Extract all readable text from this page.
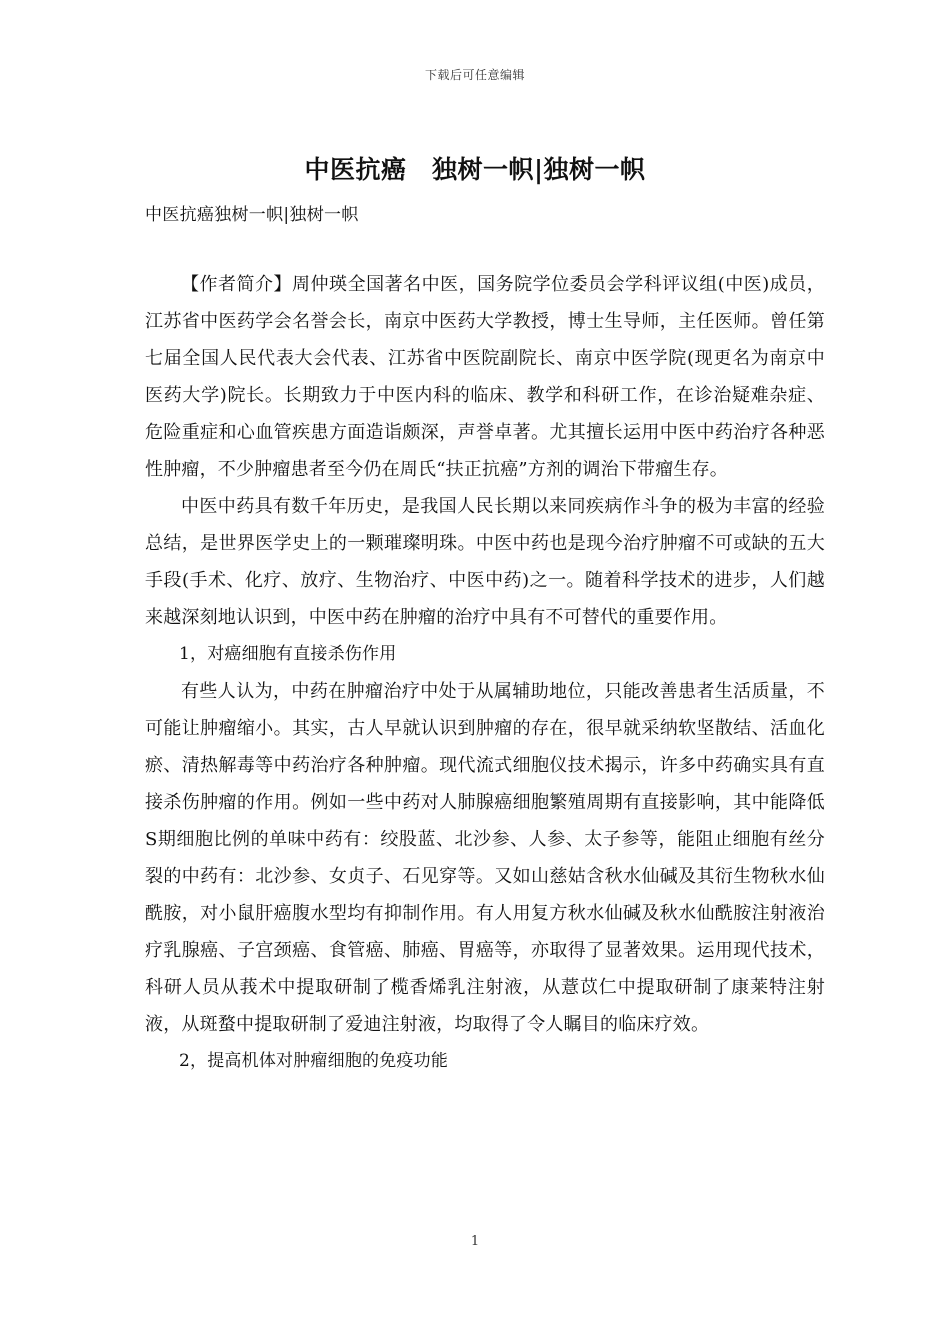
下载后可任意编辑
中医抗癌　独树一帜|独树一帜
中医抗癌独树一帜|独树一帜

【作者简介】周仲瑛全国著名中医，国务院学位委员会学科评议组(中医)成员，江苏省中医药学会名誉会长，南京中医药大学教授，博士生导师，主任医师。曾任第七届全国人民代表大会代表、江苏省中医院副院长、南京中医学院(现更名为南京中医药大学)院长。长期致力于中医内科的临床、教学和科研工作，在诊治疑难杂症、危险重症和心血管疾患方面造诣颇深，声誉卓著。尤其擅长运用中医中药治疗各种恶性肿瘤，不少肿瘤患者至今仍在周氏“扶正抗癌”方剂的调治下带瘤生存。

中医中药具有数千年历史，是我国人民长期以来同疾病作斗争的极为丰富的经验总结，是世界医学史上的一颗璀璨明珠。中医中药也是现今治疗肿瘤不可或缺的五大手段(手术、化疗、放疗、生物治疗、中医中药)之一。随着科学技术的进步，人们越来越深刻地认识到，中医中药在肿瘤的治疗中具有不可替代的重要作用。

1，对癌细胞有直接杀伤作用

有些人认为，中药在肿瘤治疗中处于从属辅助地位，只能改善患者生活质量，不可能让肿瘤缩小。其实，古人早就认识到肿瘤的存在，很早就采纳软坚散结、活血化瘀、清热解毒等中药治疗各种肿瘤。现代流式细胞仪技术揭示，许多中药确实具有直接杀伤肿瘤的作用。例如一些中药对人肺腺癌细胞繁殖周期有直接影响，其中能降低S期细胞比例的单味中药有：绞股蓝、北沙参、人参、太子参等，能阻止细胞有丝分裂的中药有：北沙参、女贞子、石见穿等。又如山慈姑含秋水仙碱及其衍生物秋水仙酰胺，对小鼠肝癌腹水型均有抑制作用。有人用复方秋水仙碱及秋水仙酰胺注射液治疗乳腺癌、子宫颈癌、食管癌、肺癌、胃癌等，亦取得了显著效果。运用现代技术，科研人员从莪术中提取研制了榄香烯乳注射液，从薏苡仁中提取研制了康莱特注射液，从斑蝥中提取研制了爱迪注射液，均取得了令人瞩目的临床疗效。

2，提高机体对肿瘤细胞的免疫功能

1
